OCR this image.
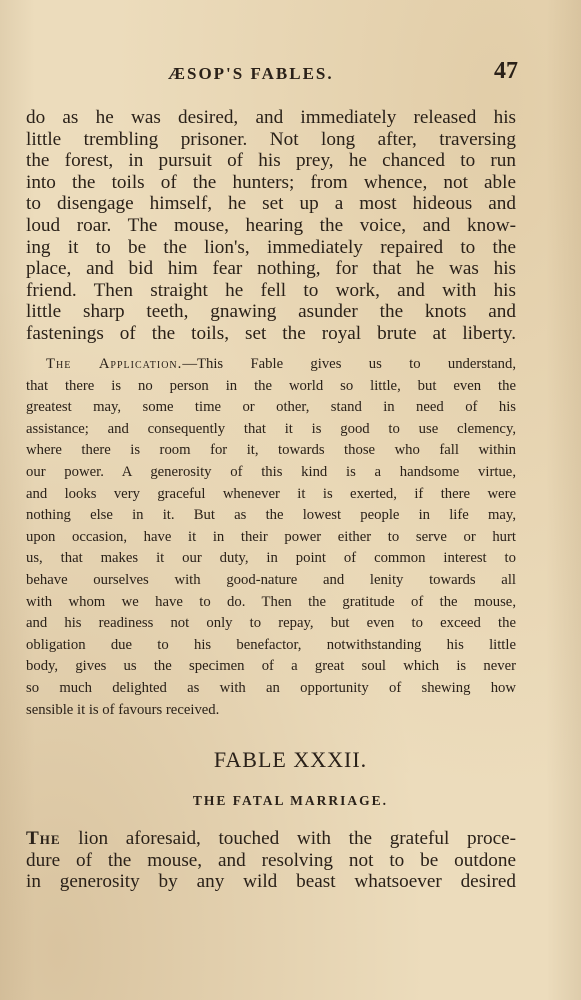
ÆSOP'S FABLES.	47
do as he was desired, and immediately released his
little trembling prisoner. Not long after, traversing
the forest, in pursuit of his prey, he chanced to run
into the toils of the hunters; from whence, not able
to disengage himself, he set up a most hideous and
loud roar. The mouse, hearing the voice, and know-
ing it to be the lion's, immediately repaired to the
place, and bid him fear nothing, for that he was his
friend. Then straight he fell to work, and with his
little sharp teeth, gnawing asunder the knots and
fastenings of the toils, set the royal brute at liberty.
The Application.—This Fable gives us to understand,
that there is no person in the world so little, but even the
greatest may, some time or other, stand in need of his
assistance; and consequently that it is good to use clemency,
where there is room for it, towards those who fall within
our power. A generosity of this kind is a handsome virtue,
and looks very graceful whenever it is exerted, if there were
nothing else in it. But as the lowest people in life may,
upon occasion, have it in their power either to serve or hurt
us, that makes it our duty, in point of common interest to
behave ourselves with good-nature and lenity towards all
with whom we have to do. Then the gratitude of the mouse,
and his readiness not only to repay, but even to exceed the
obligation due to his benefactor, notwithstanding his little
body, gives us the specimen of a great soul which is never
so much delighted as with an opportunity of shewing how
sensible it is of favours received.
FABLE XXXII.
THE FATAL MARRIAGE.
The lion aforesaid, touched with the grateful proce-
dure of the mouse, and resolving not to be outdone
in generosity by any wild beast whatsoever desired
